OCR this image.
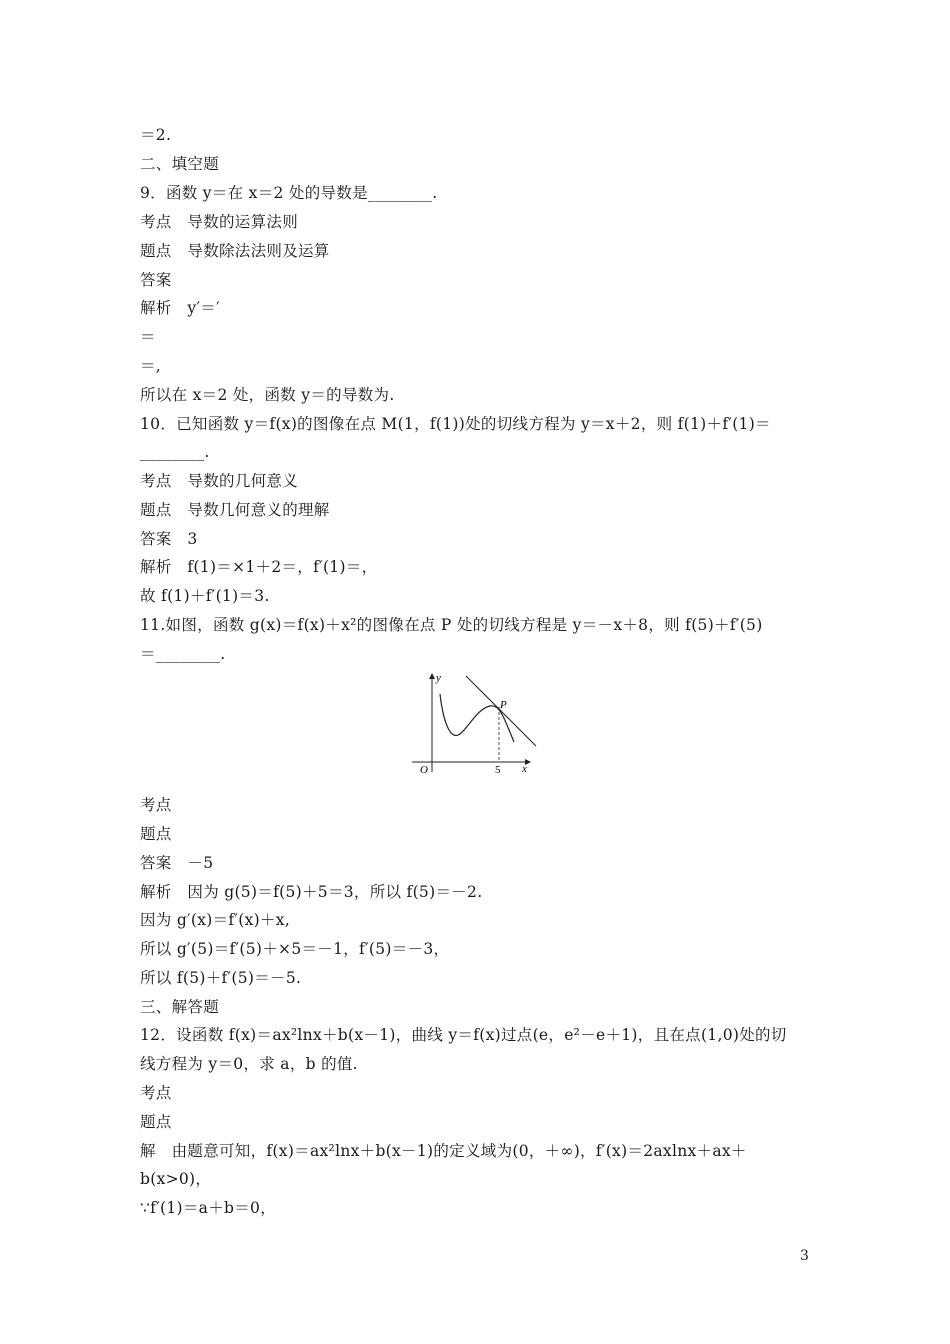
＝2.
二、填空题
9．函数 y＝在 x＝2 处的导数是________.
考点　导数的运算法则
题点　导数除法法则及运算
答案
解析　y′＝′
＝
＝,
所以在 x＝2 处，函数 y＝的导数为.
10．已知函数 y＝f(x)的图像在点 M(1，f(1))处的切线方程为 y＝x＋2，则 f(1)＋f′(1)＝
________.
考点　导数的几何意义
题点　导数几何意义的理解
答案　3
解析　f(1)＝×1＋2＝，f′(1)＝，
故 f(1)＋f′(1)＝3.
11.如图，函数 g(x)＝f(x)＋x²的图像在点 P 处的切线方程是 y＝－x＋8，则 f(5)＋f′(5)
＝________.
y
x
O
P
5
考点
题点
答案　－5
解析　因为 g(5)＝f(5)＋5＝3，所以 f(5)＝－2.
因为 g′(x)＝f′(x)＋x,
所以 g′(5)＝f′(5)＋×5＝－1，f′(5)＝－3，
所以 f(5)＋f′(5)＝－5.
三、解答题
12．设函数 f(x)＝ax²lnx＋b(x－1)，曲线 y＝f(x)过点(e，e²－e＋1)，且在点(1,0)处的切
线方程为 y＝0，求 a，b 的值.
考点
题点
解　由题意可知，f(x)＝ax²lnx＋b(x－1)的定义域为(0，＋∞)，f′(x)＝2axlnx＋ax＋
b(x>0)，
∵f′(1)＝a＋b＝0，
3
